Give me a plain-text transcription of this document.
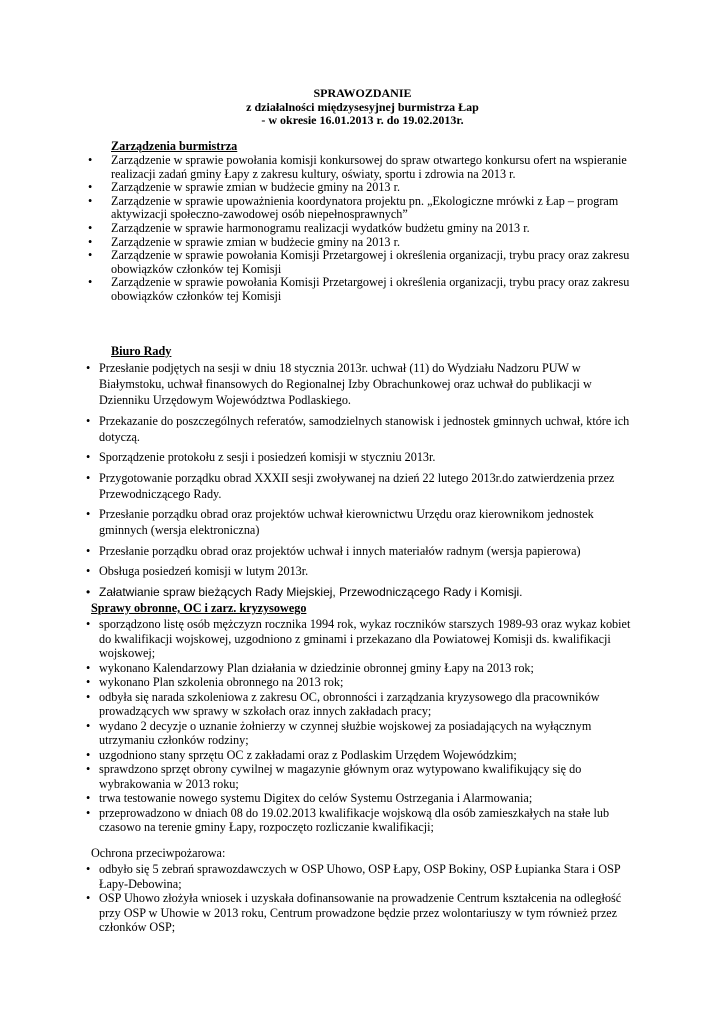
SPRAWOZDANIE
z działalności międzysesyjnej burmistrza Łap
- w okresie 16.01.2013 r. do 19.02.2013r.
Zarządzenia burmistrza
• Zarządzenie w sprawie powołania komisji konkursowej do spraw otwartego konkursu ofert na wspieranie realizacji zadań gminy Łapy z zakresu kultury, oświaty, sportu i zdrowia na 2013 r.
• Zarządzenie w sprawie zmian w budżecie gminy na 2013 r.
• Zarządzenie w sprawie upoważnienia koordynatora projektu pn. „Ekologiczne mrówki z Łap – program aktywizacji społeczno-zawodowej osób niepełnosprawnych”
• Zarządzenie w sprawie harmonogramu realizacji wydatków budżetu gminy na 2013 r.
• Zarządzenie w sprawie zmian w budżecie gminy na 2013 r.
• Zarządzenie w sprawie powołania Komisji Przetargowej i określenia organizacji, trybu pracy oraz zakresu obowiązków członków tej Komisji
• Zarządzenie w sprawie powołania Komisji Przetargowej i określenia organizacji, trybu pracy oraz zakresu obowiązków członków tej Komisji
Biuro Rady
• Przesłanie podjętych na sesji w dniu 18 stycznia 2013r. uchwał (11) do Wydziału Nadzoru PUW w Białymstoku, uchwał finansowych do Regionalnej Izby Obrachunkowej oraz uchwał do publikacji w Dzienniku Urzędowym Województwa Podlaskiego.
• Przekazanie do poszczególnych referatów, samodzielnych stanowisk i jednostek gminnych uchwał, które ich dotyczą.
• Sporządzenie protokołu z sesji i posiedzeń komisji w styczniu 2013r.
• Przygotowanie porządku obrad XXXII sesji zwoływanej na dzień 22 lutego 2013r.do zatwierdzenia przez Przewodniczącego Rady.
• Przesłanie porządku obrad oraz projektów uchwał kierownictwu Urzędu oraz kierownikom jednostek gminnych (wersja elektroniczna)
• Przesłanie porządku obrad oraz projektów uchwał i innych materiałów radnym (wersja papierowa)
• Obsługa posiedzeń komisji w lutym 2013r.
• Załatwianie spraw bieżących Rady Miejskiej, Przewodniczącego Rady i Komisji.
Sprawy obronne, OC i zarz. kryzysowego
• sporządzono listę osób mężczyzn rocznika 1994 rok, wykaz roczników starszych 1989-93 oraz wykaz kobiet do kwalifikacji wojskowej, uzgodniono z gminami i przekazano dla Powiatowej Komisji ds. kwalifikacji wojskowej;
• wykonano Kalendarzowy Plan działania w dziedzinie obronnej gminy Łapy na 2013 rok;
• wykonano Plan szkolenia obronnego na 2013 rok;
• odbyła się narada szkoleniowa z zakresu OC, obronności i zarządzania kryzysowego dla pracowników prowadzących ww sprawy w szkołach oraz innych zakładach pracy;
• wydano 2 decyzje o uznanie żołnierzy w czynnej służbie wojskowej za posiadających na wyłącznym utrzymaniu członków rodziny;
• uzgodniono stany sprzętu OC z zakładami oraz z Podlaskim Urzędem Wojewódzkim;
• sprawdzono sprzęt obrony cywilnej w magazynie głównym oraz wytypowano kwalifikujący się do wybrakowania w 2013 roku;
• trwa testowanie nowego systemu Digitex do celów Systemu Ostrzegania i Alarmowania;
• przeprowadzono w dniach 08 do 19.02.2013 kwalifikacje wojskową dla osób zamieszkałych na stałe lub czasowo na terenie gminy Łapy, rozpoczęto rozliczanie kwalifikacji;
Ochrona przeciwpożarowa:
• odbyło się 5 zebrań sprawozdawczych w OSP Uhowo, OSP Łapy, OSP Bokiny, OSP Łupianka Stara i OSP Łapy-Debowina;
• OSP Uhowo złożyła wniosek i uzyskała dofinansowanie na prowadzenie Centrum kształcenia na odległość przy OSP w Uhowie w 2013 roku, Centrum prowadzone będzie przez wolontariuszy w tym również przez członków OSP;
